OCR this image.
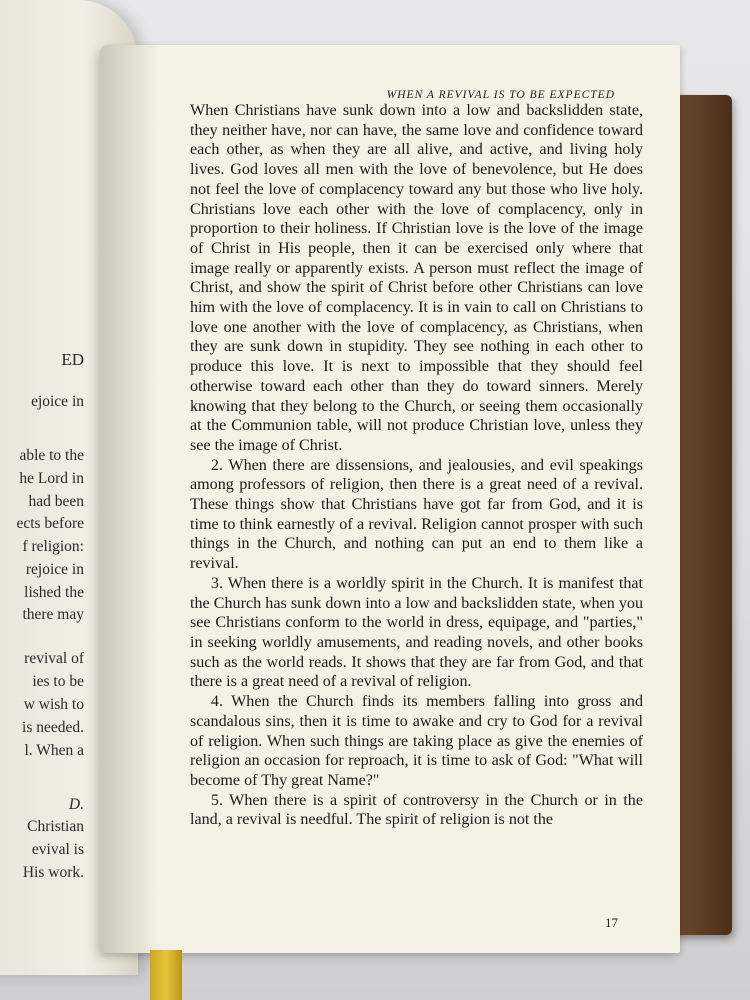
ED
ejoice in
able to the
he Lord in
had been
ects before
f religion:
rejoice in
lished the
there may
revival of
ies to be
w wish to
is needed.
l. When a
D.
Christian
evival is
His work.
WHEN A REVIVAL IS TO BE EXPECTED

When Christians have sunk down into a low and backslidden state, they neither have, nor can have, the same love and confidence toward each other, as when they are all alive, and active, and living holy lives. God loves all men with the love of benevolence, but He does not feel the love of complacency toward any but those who live holy. Christians love each other with the love of complacency, only in proportion to their holiness. If Christian love is the love of the image of Christ in His people, then it can be exercised only where that image really or apparently exists. A person must reflect the image of Christ, and show the spirit of Christ before other Christians can love him with the love of complacency. It is in vain to call on Christians to love one another with the love of complacency, as Christians, when they are sunk down in stupidity. They see nothing in each other to produce this love. It is next to impossible that they should feel otherwise toward each other than they do toward sinners. Merely knowing that they belong to the Church, or seeing them occasionally at the Communion table, will not produce Christian love, unless they see the image of Christ.

2. When there are dissensions, and jealousies, and evil speakings among professors of religion, then there is a great need of a revival. These things show that Christians have got far from God, and it is time to think earnestly of a revival. Religion cannot prosper with such things in the Church, and nothing can put an end to them like a revival.

3. When there is a worldly spirit in the Church. It is manifest that the Church has sunk down into a low and backslidden state, when you see Christians conform to the world in dress, equipage, and "parties," in seeking worldly amusements, and reading novels, and other books such as the world reads. It shows that they are far from God, and that there is a great need of a revival of religion.

4. When the Church finds its members falling into gross and scandalous sins, then it is time to awake and cry to God for a revival of religion. When such things are taking place as give the enemies of religion an occasion for reproach, it is time to ask of God: "What will become of Thy great Name?"

5. When there is a spirit of controversy in the Church or in the land, a revival is needful. The spirit of religion is not the

17
